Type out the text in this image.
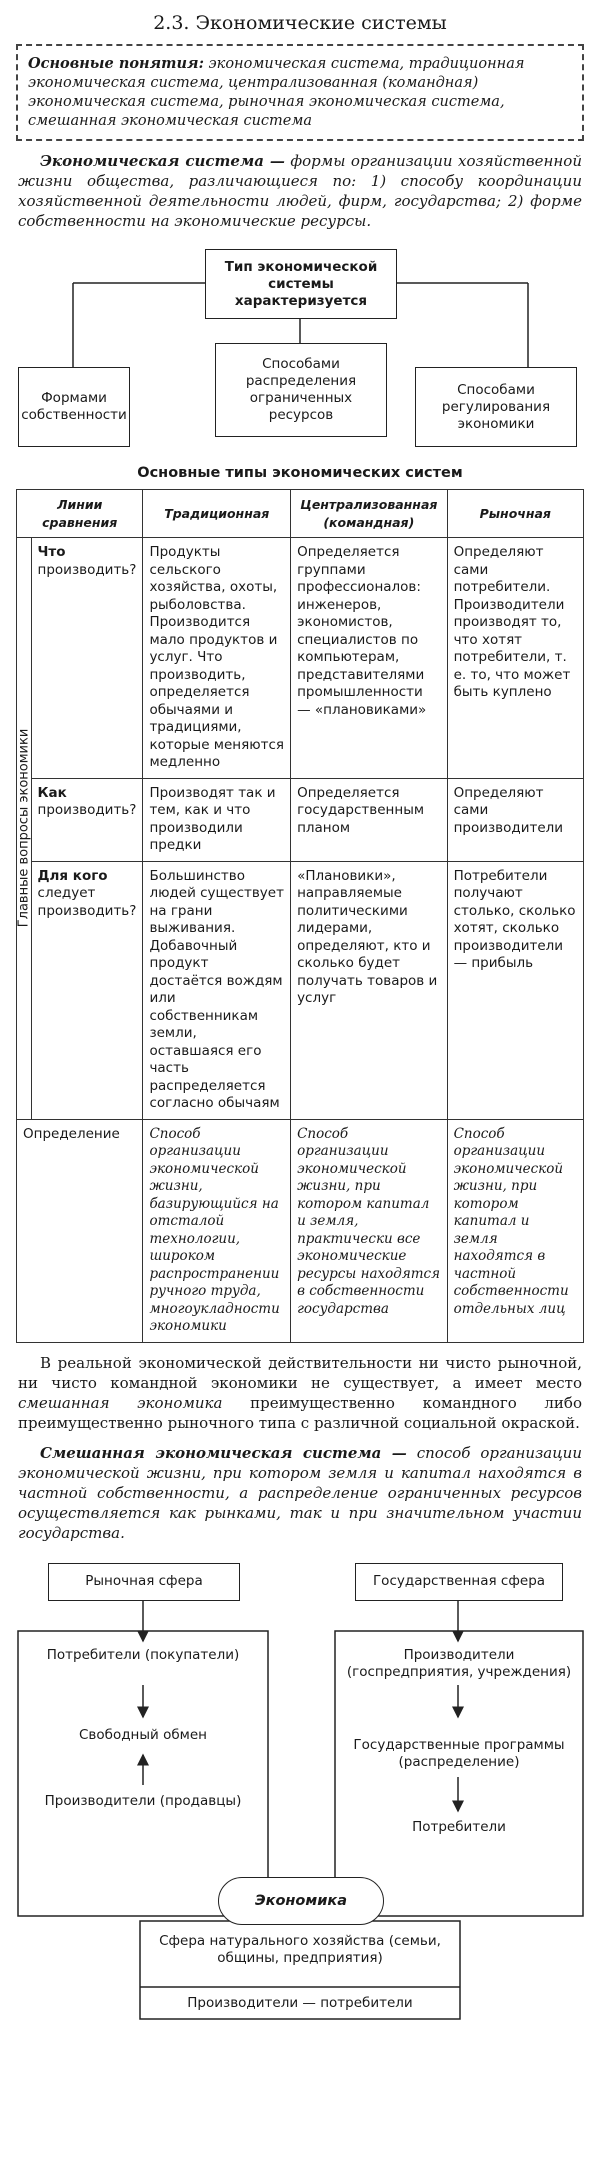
2.3. Экономические системы
Основные понятия: экономическая система, традиционная экономическая система, централизованная (командная) экономическая система, рыночная экономическая система, смешанная экономическая система

Экономическая система — формы организации хозяйственной жизни общества, различающиеся по: 1) способу координации хозяйственной деятельности людей, фирм, государства; 2) форме собственности на экономические ресурсы.

Тип экономической системы характеризуется
Формами собственности
Способами распределения ограниченных ресурсов
Способами регулирования экономики
Основные типы экономических систем
Линии сравнения		Традиционная	Централизованная (командная)	Рыночная

Главные вопросы экономики	Что производить?	Продукты сельского хозяйства, охоты, рыболовства. Производится мало продуктов и услуг. Что производить, определяется обычаями и традициями, которые меняются медленно	Определяется группами профессионалов: инженеров, экономистов, специалистов по компьютерам, представителями промышленности — «плановиками»	Определяют сами потребители. Производители производят то, что хотят потребители, т. е. то, что может быть куплено
	Как производить?	Производят так и тем, как и что производили предки	Определяется государственным планом	Определяют сами производители
	Для кого следует производить?	Большинство людей существует на грани выживания. Добавочный продукт достаётся вождям или собственникам земли, оставшаяся его часть распределяется согласно обычаям	«Плановики», направляемые политическими лидерами, определяют, кто и сколько будет получать товаров и услуг	Потребители получают столько, сколько хотят, сколько производители — прибыль
Определение		Способ организации экономической жизни, базирующийся на отсталой технологии, широком распространении ручного труда, многоукладности экономики	Способ организации экономической жизни, при котором капитал и земля, практически все экономические ресурсы находятся в собственности государства	Способ организации экономической жизни, при котором капитал и земля находятся в частной собственности отдельных лиц

В реальной экономической действительности ни чисто рыночной, ни чисто командной экономики не существует, а имеет место смешанная экономика преимущественно командного либо преимущественно рыночного типа с различной социальной окраской.

Смешанная экономическая система — способ организации экономической жизни, при котором земля и капитал находятся в частной собственности, а распределение ограниченных ресурсов осуществляется как рынками, так и при значительном участии государства.

Рыночная сфера	Государственная сфера
Потребители (покупатели)
Свободный обмен
Производители (продавцы)
Производители (госпредприятия, учреждения)
Государственные программы (распределение)
Потребители
Экономика
Сфера натурального хозяйства (семьи, общины, предприятия)
Производители — потребители
